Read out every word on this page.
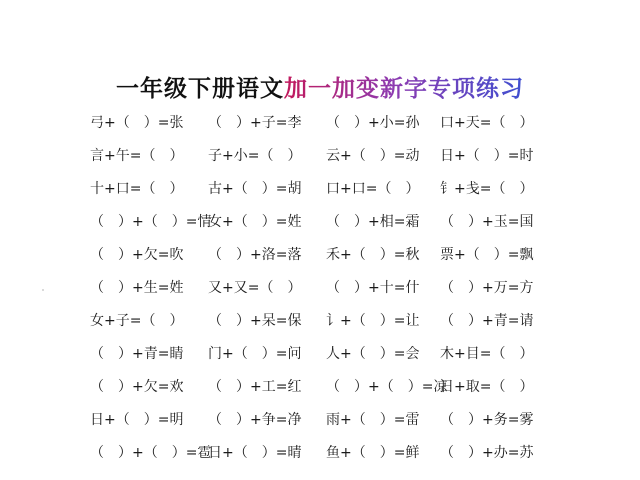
一年级下册语文加一加变新字专项练习
弓+（　）=张 （　）+子=李 （　）+小=孙 口+天=（　）
言+午=（　） 子+小=（　） 云+（　）=动 日+（　）=时
十+口=（　） 古+（　）=胡 口+口=（　） 钅+戋=（　）
（　）+（　）=情
女+（　）=姓 （　）+相=霜 （　）+玉=国
（　）+欠=吹 （　）+洛=落 禾+（　）=秋 票+（　）=飘
（　）+生=姓 又+又=（　） （　）+十=什 （　）+万=方
女+子=（　） （　）+呆=保 讠+（　）=让 （　）+青=请
（　）+青=睛 门+（　）=问 人+（　）=会 木+目=（　）
（　）+欠=欢 （　）+工=红 （　）+（　）=凉
日+取=（　）
日+（　）=明 （　）+争=净 雨+（　）=雷 （　）+务=雾
（　）+（　）=雹
日+（　）=晴 鱼+（　）=鲜 （　）+办=苏
